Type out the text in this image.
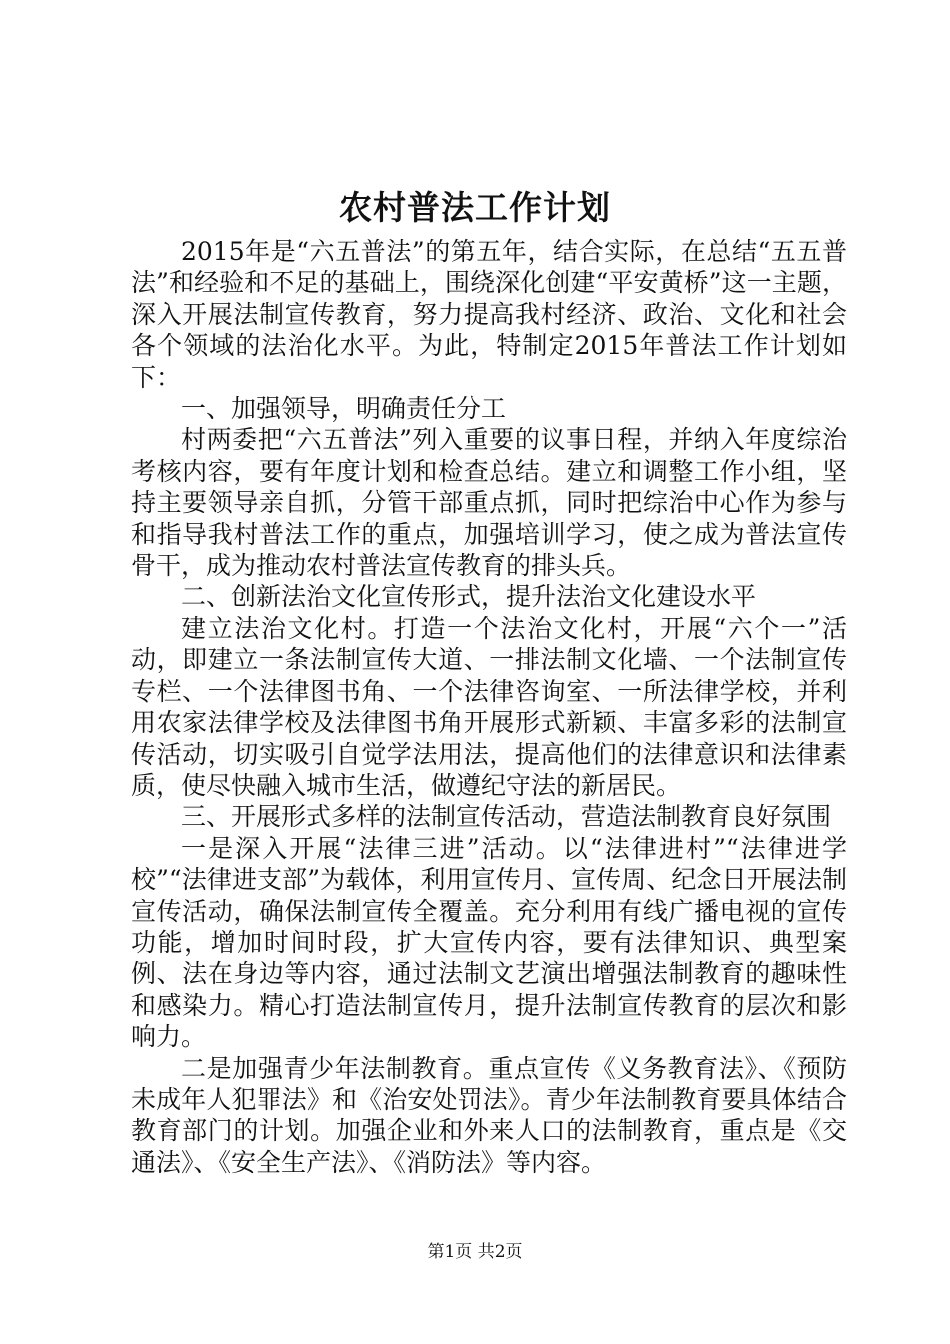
农村普法工作计划

2015年是“六五普法”的第五年，结合实际，在总结“五五普法”和经验和不足的基础上，围绕深化创建“平安黄桥”这一主题，深入开展法制宣传教育，努力提高我村经济、政治、文化和社会各个领域的法治化水平。为此，特制定2015年普法工作计划如下：

一、加强领导，明确责任分工

村两委把“六五普法”列入重要的议事日程，并纳入年度综治考核内容，要有年度计划和检查总结。建立和调整工作小组，坚持主要领导亲自抓，分管干部重点抓，同时把综治中心作为参与和指导我村普法工作的重点，加强培训学习，使之成为普法宣传骨干，成为推动农村普法宣传教育的排头兵。

二、创新法治文化宣传形式，提升法治文化建设水平

建立法治文化村。打造一个法治文化村，开展“六个一”活动，即建立一条法制宣传大道、一排法制文化墙、一个法制宣传专栏、一个法律图书角、一个法律咨询室、一所法律学校，并利用农家法律学校及法律图书角开展形式新颖、丰富多彩的法制宣传活动，切实吸引自觉学法用法，提高他们的法律意识和法律素质，使尽快融入城市生活，做遵纪守法的新居民。

三、开展形式多样的法制宣传活动，营造法制教育良好氛围

一是深入开展“法律三进”活动。以“法律进村”“法律进学校”“法律进支部”为载体，利用宣传月、宣传周、纪念日开展法制宣传活动，确保法制宣传全覆盖。充分利用有线广播电视的宣传功能，增加时间时段，扩大宣传内容，要有法律知识、典型案例、法在身边等内容，通过法制文艺演出增强法制教育的趣味性和感染力。精心打造法制宣传月，提升法制宣传教育的层次和影响力。

二是加强青少年法制教育。重点宣传《义务教育法》、《预防未成年人犯罪法》和《治安处罚法》。青少年法制教育要具体结合教育部门的计划。加强企业和外来人口的法制教育，重点是《交通法》、《安全生产法》、《消防法》等内容。

第1页 共2页
